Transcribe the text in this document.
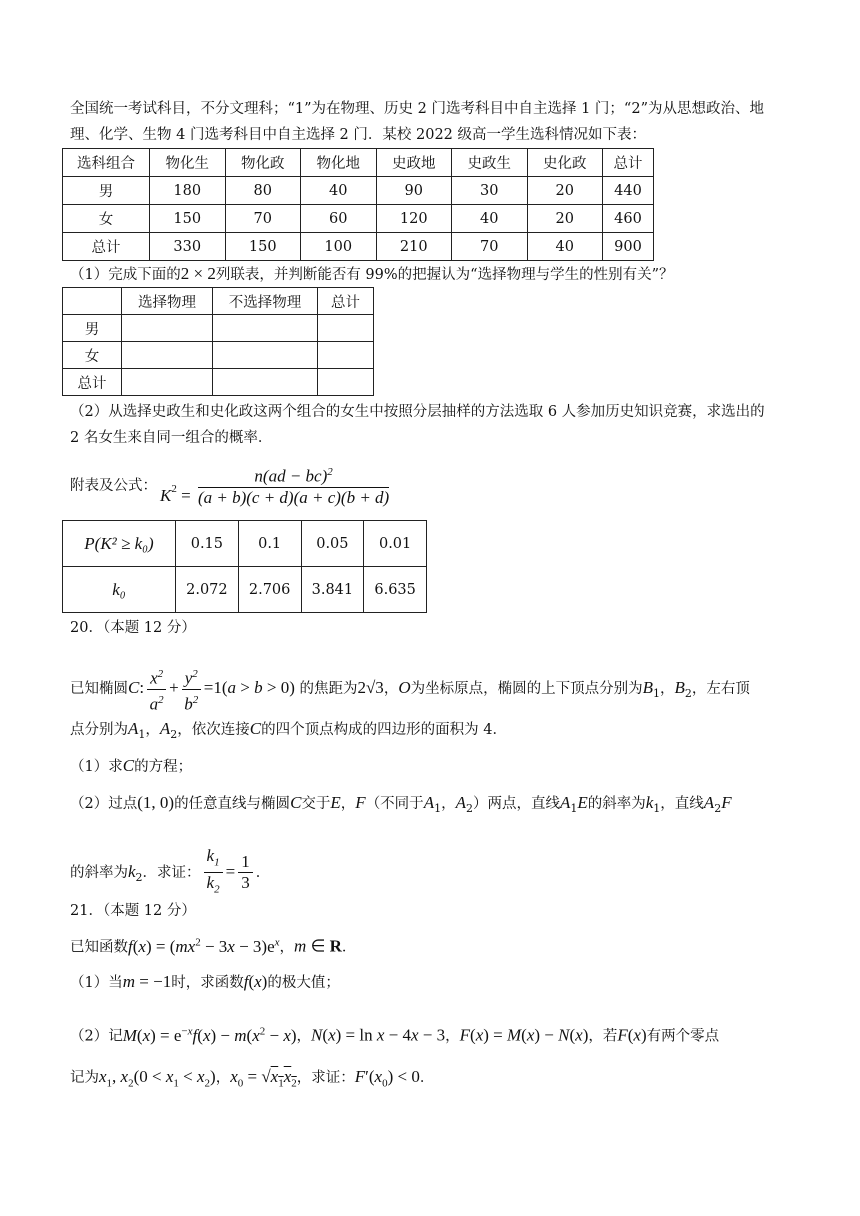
全国统一考试科目，不分文理科；“1”为在物理、历史 2 门选考科目中自主选择 1 门；“2”为从思想政治、地
理、化学、生物 4 门选考科目中自主选择 2 门．某校 2022 级高一学生选科情况如下表：
选科组合	物化生	物化政	物化地	史政地	史政生	史化政	总计
男	180	80	40	90	30	20	440
女	150	70	60	120	40	20	460
总计	330	150	100	210	70	40	900
（1）完成下面的2 × 2列联表，并判断能否有 99%的把握认为“选择物理与学生的性别有关”？
	选择物理	不选择物理	总计
男			
女			
总计			
（2）从选择史政生和史化政这两个组合的女生中按照分层抽样的方法选取 6 人参加历史知识竞赛，求选出的
2 名女生来自同一组合的概率．
附表及公式： $K^2 = \frac{n(ad - bc)^2}{(a + b)(c + d)(a + c)(b + d)}$
P(K² ≥ k₀)	0.15	0.1	0.05	0.01
k₀	2.072	2.706	3.841	6.635
20．（本题 12 分）
已知椭圆C: $\frac{x^2}{a^2} + \frac{y^2}{b^2} =1(a > b > 0)$ 的焦距为2√3，O为坐标原点，椭圆的上下顶点分别为$B_1$，$B_2$，左右顶
点分别为$A_1$，$A_2$，依次连接C的四个顶点构成的四边形的面积为 4．
（1）求C的方程；
（2）过点(1, 0)的任意直线与椭圆C交于E，F（不同于$A_1$，$A_2$）两点，直线$A_1E$的斜率为$k_1$，直线$A_2F$
的斜率为$k_2$．求证： $\frac{k_1}{k_2} = \frac{1}{3}$ ．
21．（本题 12 分）
已知函数$f(x) = (mx^2 - 3x - 3)e^x$，m ∈ R．
（1）当m = −1时，求函数f(x)的极大值；
（2）记$M(x) = e^{-x}f(x) - m(x^2 - x)$，N(x) = ln x − 4x − 3，F(x) = M(x) − N(x)，若F(x)有两个零点
记为$x_1$, $x_2(0 < x_1 < x_2)$，$x_0 = √x_1x_2$，求证：$F'(x_0) < 0$．
